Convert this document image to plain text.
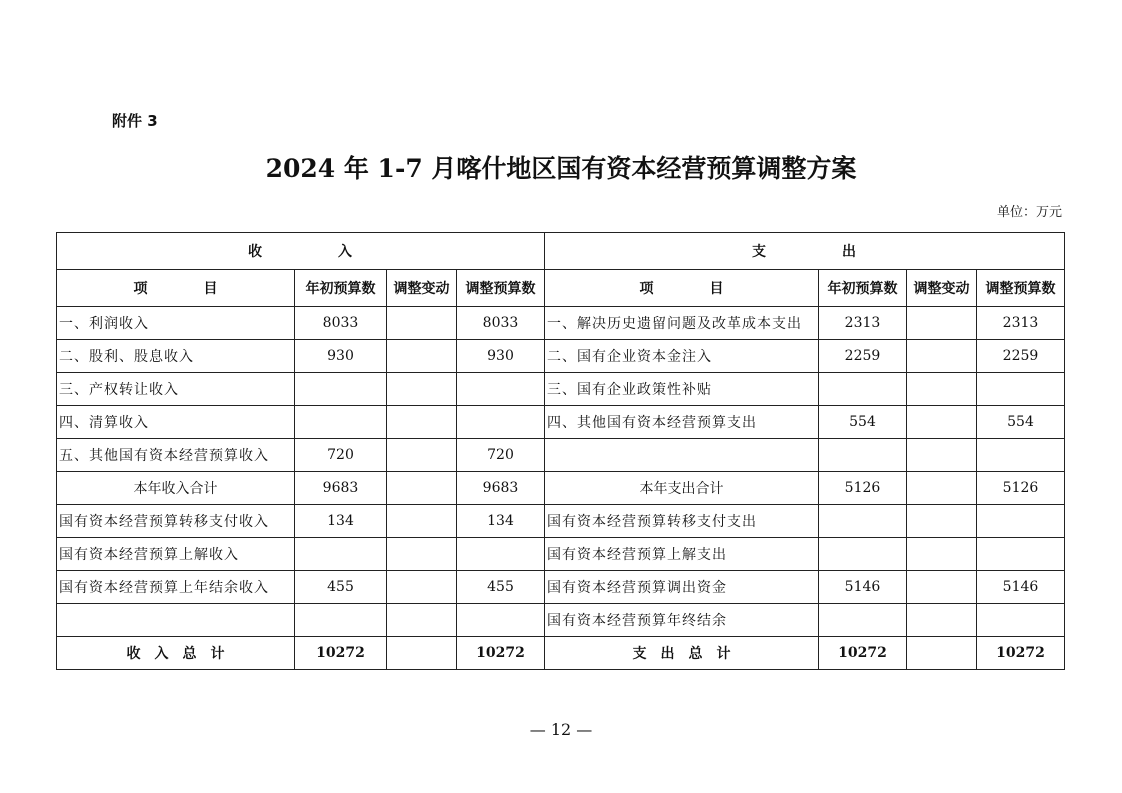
附件 3
2024 年 1-7 月喀什地区国有资本经营预算调整方案
单位：万元
收　　　　　入				支　　　　　出			
项　　　　目	年初预算数	调整变动	调整预算数	项　　　　目	年初预算数	调整变动	调整预算数
一、利润收入	8033		8033	一、解决历史遗留问题及改革成本支出	2313		2313
二、股利、股息收入	930		930	二、国有企业资本金注入	2259		2259
三、产权转让收入				三、国有企业政策性补贴			
四、清算收入				四、其他国有资本经营预算支出	554		554
五、其他国有资本经营预算收入	720		720				
本年收入合计	9683		9683	本年支出合计	5126		5126
国有资本经营预算转移支付收入	134		134	国有资本经营预算转移支付支出			
国有资本经营预算上解收入				国有资本经营预算上解支出			
国有资本经营预算上年结余收入	455		455	国有资本经营预算调出资金	5146		5146
				国有资本经营预算年终结余			
收　入　总　计	10272		10272	支　出　总　计	10272		10272
— 12 —
